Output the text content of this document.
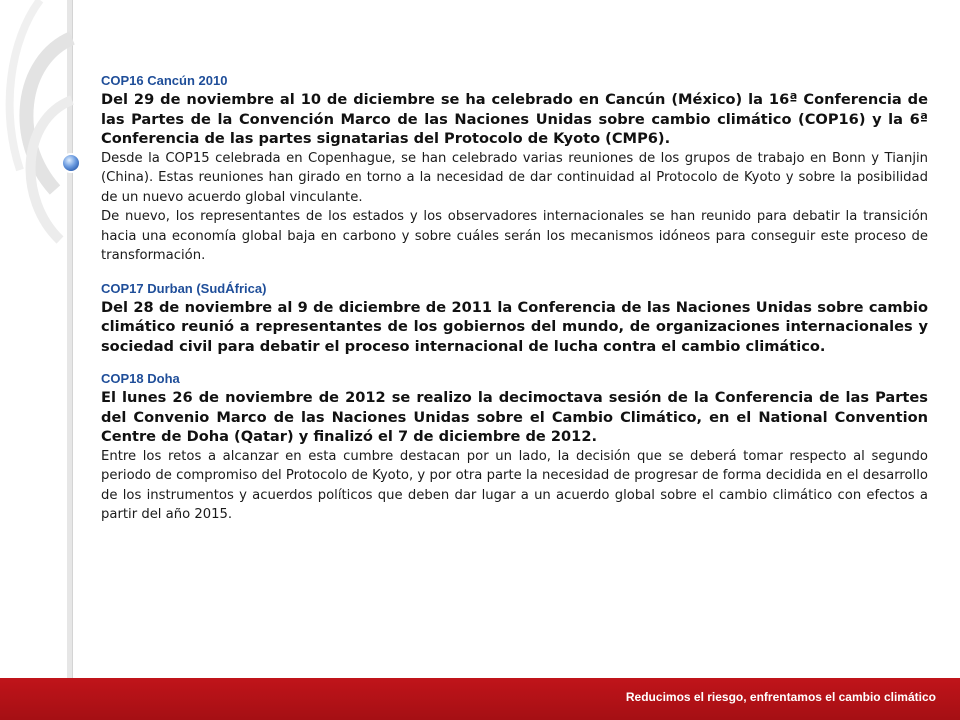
COP16 Cancún 2010

Del 29 de noviembre al 10 de diciembre se ha celebrado en Cancún (México) la 16ª Conferencia de las Partes de la Convención Marco de las Naciones Unidas sobre cambio climático (COP16) y la 6ª Conferencia de las partes signatarias del Protocolo de Kyoto (CMP6).

Desde la COP15 celebrada en Copenhague, se han celebrado varias reuniones de los grupos de trabajo en Bonn y Tianjin (China). Estas reuniones han girado en torno a la necesidad de dar continuidad al Protocolo de Kyoto y sobre la posibilidad de un nuevo acuerdo global vinculante.

De nuevo, los representantes de los estados y los observadores internacionales se han reunido para debatir la transición hacia una economía global baja en carbono y sobre cuáles serán los mecanismos idóneos para conseguir este proceso de transformación.

COP17 Durban (SudÁfrica)

Del 28 de noviembre al 9 de diciembre de 2011 la Conferencia de las Naciones Unidas sobre cambio climático reunió a representantes de los gobiernos del mundo, de organizaciones internacionales y sociedad civil para debatir el proceso internacional de lucha contra el cambio climático.

COP18 Doha

El lunes 26 de noviembre de 2012 se realizo la decimoctava sesión de la Conferencia de las Partes del Convenio Marco de las Naciones Unidas sobre el Cambio Climático, en el National Convention Centre de Doha (Qatar) y finalizó el 7 de diciembre de 2012.

Entre los retos a alcanzar en esta cumbre destacan por un lado, la decisión que se deberá tomar respecto al segundo periodo de compromiso del Protocolo de Kyoto, y por otra parte la necesidad de progresar de forma decidida en el desarrollo de los instrumentos y acuerdos políticos que deben dar lugar a un acuerdo global sobre el cambio climático con efectos a partir del año 2015.

Reducimos el riesgo, enfrentamos el cambio climático
